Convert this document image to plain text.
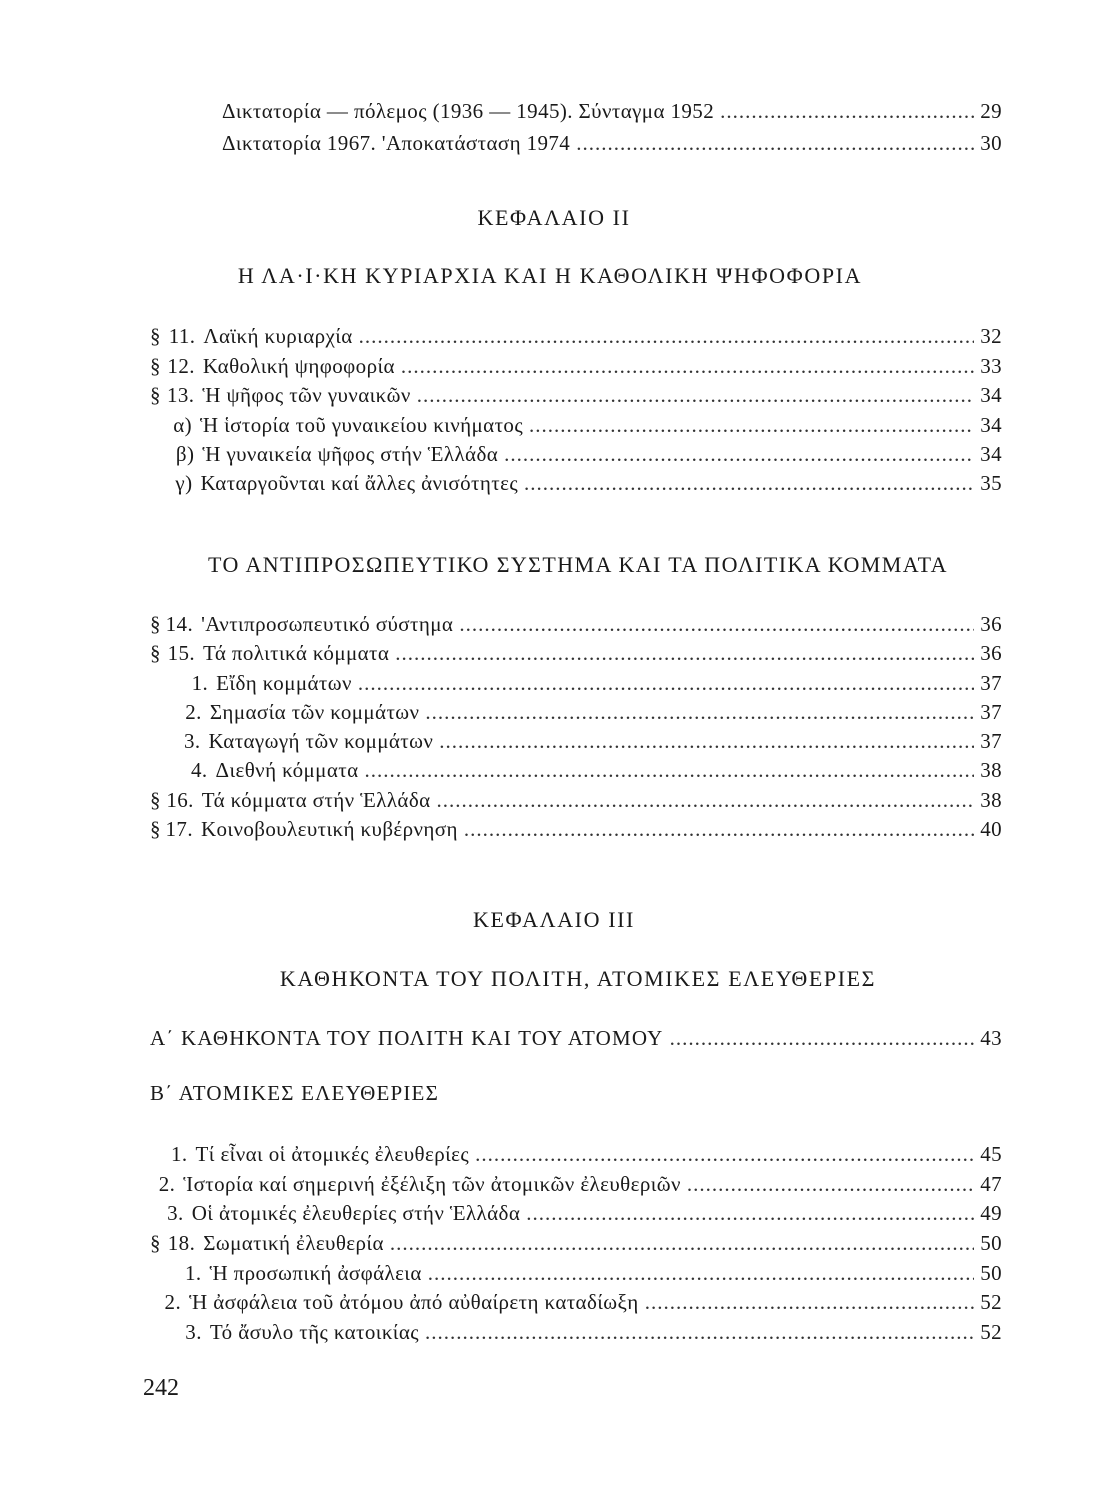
Δικτατορία — πόλεμος (1936 — 1945). Σύνταγμα 1952 .....	29
Δικτατορία 1967. 'Αποκατάσταση 1974 .....	30
ΚΕΦΑΛΑΙΟ ΙΙ
Η ΛΑ·Ι·ΚΗ ΚΥΡΙΑΡΧΙΑ ΚΑΙ Η ΚΑΘΟΛΙΚΗ ΨΗΦΟΦΟΡΙΑ
§ 11. Λαϊκή κυριαρχία .....	32
§ 12. Καθολική ψηφοφορία .....	33
§ 13. Ἡ ψῆφος τῶν γυναικῶν .....	34
α) Ἡ ἱστορία τοῦ γυναικείου κινήματος .....	34
β) Ἡ γυναικεία ψῆφος στήν Ἑλλάδα .....	34
γ) Καταργοῦνται καί ἄλλες ἀνισότητες .....	35
ΤΟ ΑΝΤΙΠΡΟΣΩΠΕΥΤΙΚΟ ΣΥΣΤΗΜΑ ΚΑΙ ΤΑ ΠΟΛΙΤΙΚΑ ΚΟΜΜΑΤΑ
§ 14. 'Αντιπροσωπευτικό σύστημα .....	36
§ 15. Τά πολιτικά κόμματα .....	36
1. Εἴδη κομμάτων .....	37
2. Σημασία τῶν κομμάτων .....	37
3. Καταγωγή τῶν κομμάτων .....	37
4. Διεθνή κόμματα .....	38
§ 16. Τά κόμματα στήν Ἑλλάδα .....	38
§ 17. Κοινοβουλευτική κυβέρνηση .....	40
ΚΕΦΑΛΑΙΟ ΙΙΙ
ΚΑΘΗΚΟΝΤΑ ΤΟΥ ΠΟΛΙΤΗ, ΑΤΟΜΙΚΕΣ ΕΛΕΥΘΕΡΙΕΣ
Α΄ ΚΑΘΗΚΟΝΤΑ ΤΟΥ ΠΟΛΙΤΗ ΚΑΙ ΤΟΥ ΑΤΟΜΟΥ .....	43
Β΄ ΑΤΟΜΙΚΕΣ ΕΛΕΥΘΕΡΙΕΣ
1. Τί εἶναι οἱ ἀτομικές ἐλευθερίες .....	45
2. Ἱστορία καί σημερινή ἐξέλιξη τῶν ἀτομικῶν ἐλευθεριῶν .....	47
3. Οἱ ἀτομικές ἐλευθερίες στήν Ἑλλάδα .....	49
§ 18. Σωματική ἐλευθερία .....	50
1. Ἡ προσωπική ἀσφάλεια .....	50
2. Ἡ ἀσφάλεια τοῦ ἀτόμου ἀπό αὐθαίρετη καταδίωξη .....	52
3. Τό ἄσυλο τῆς κατοικίας .....	52
242
